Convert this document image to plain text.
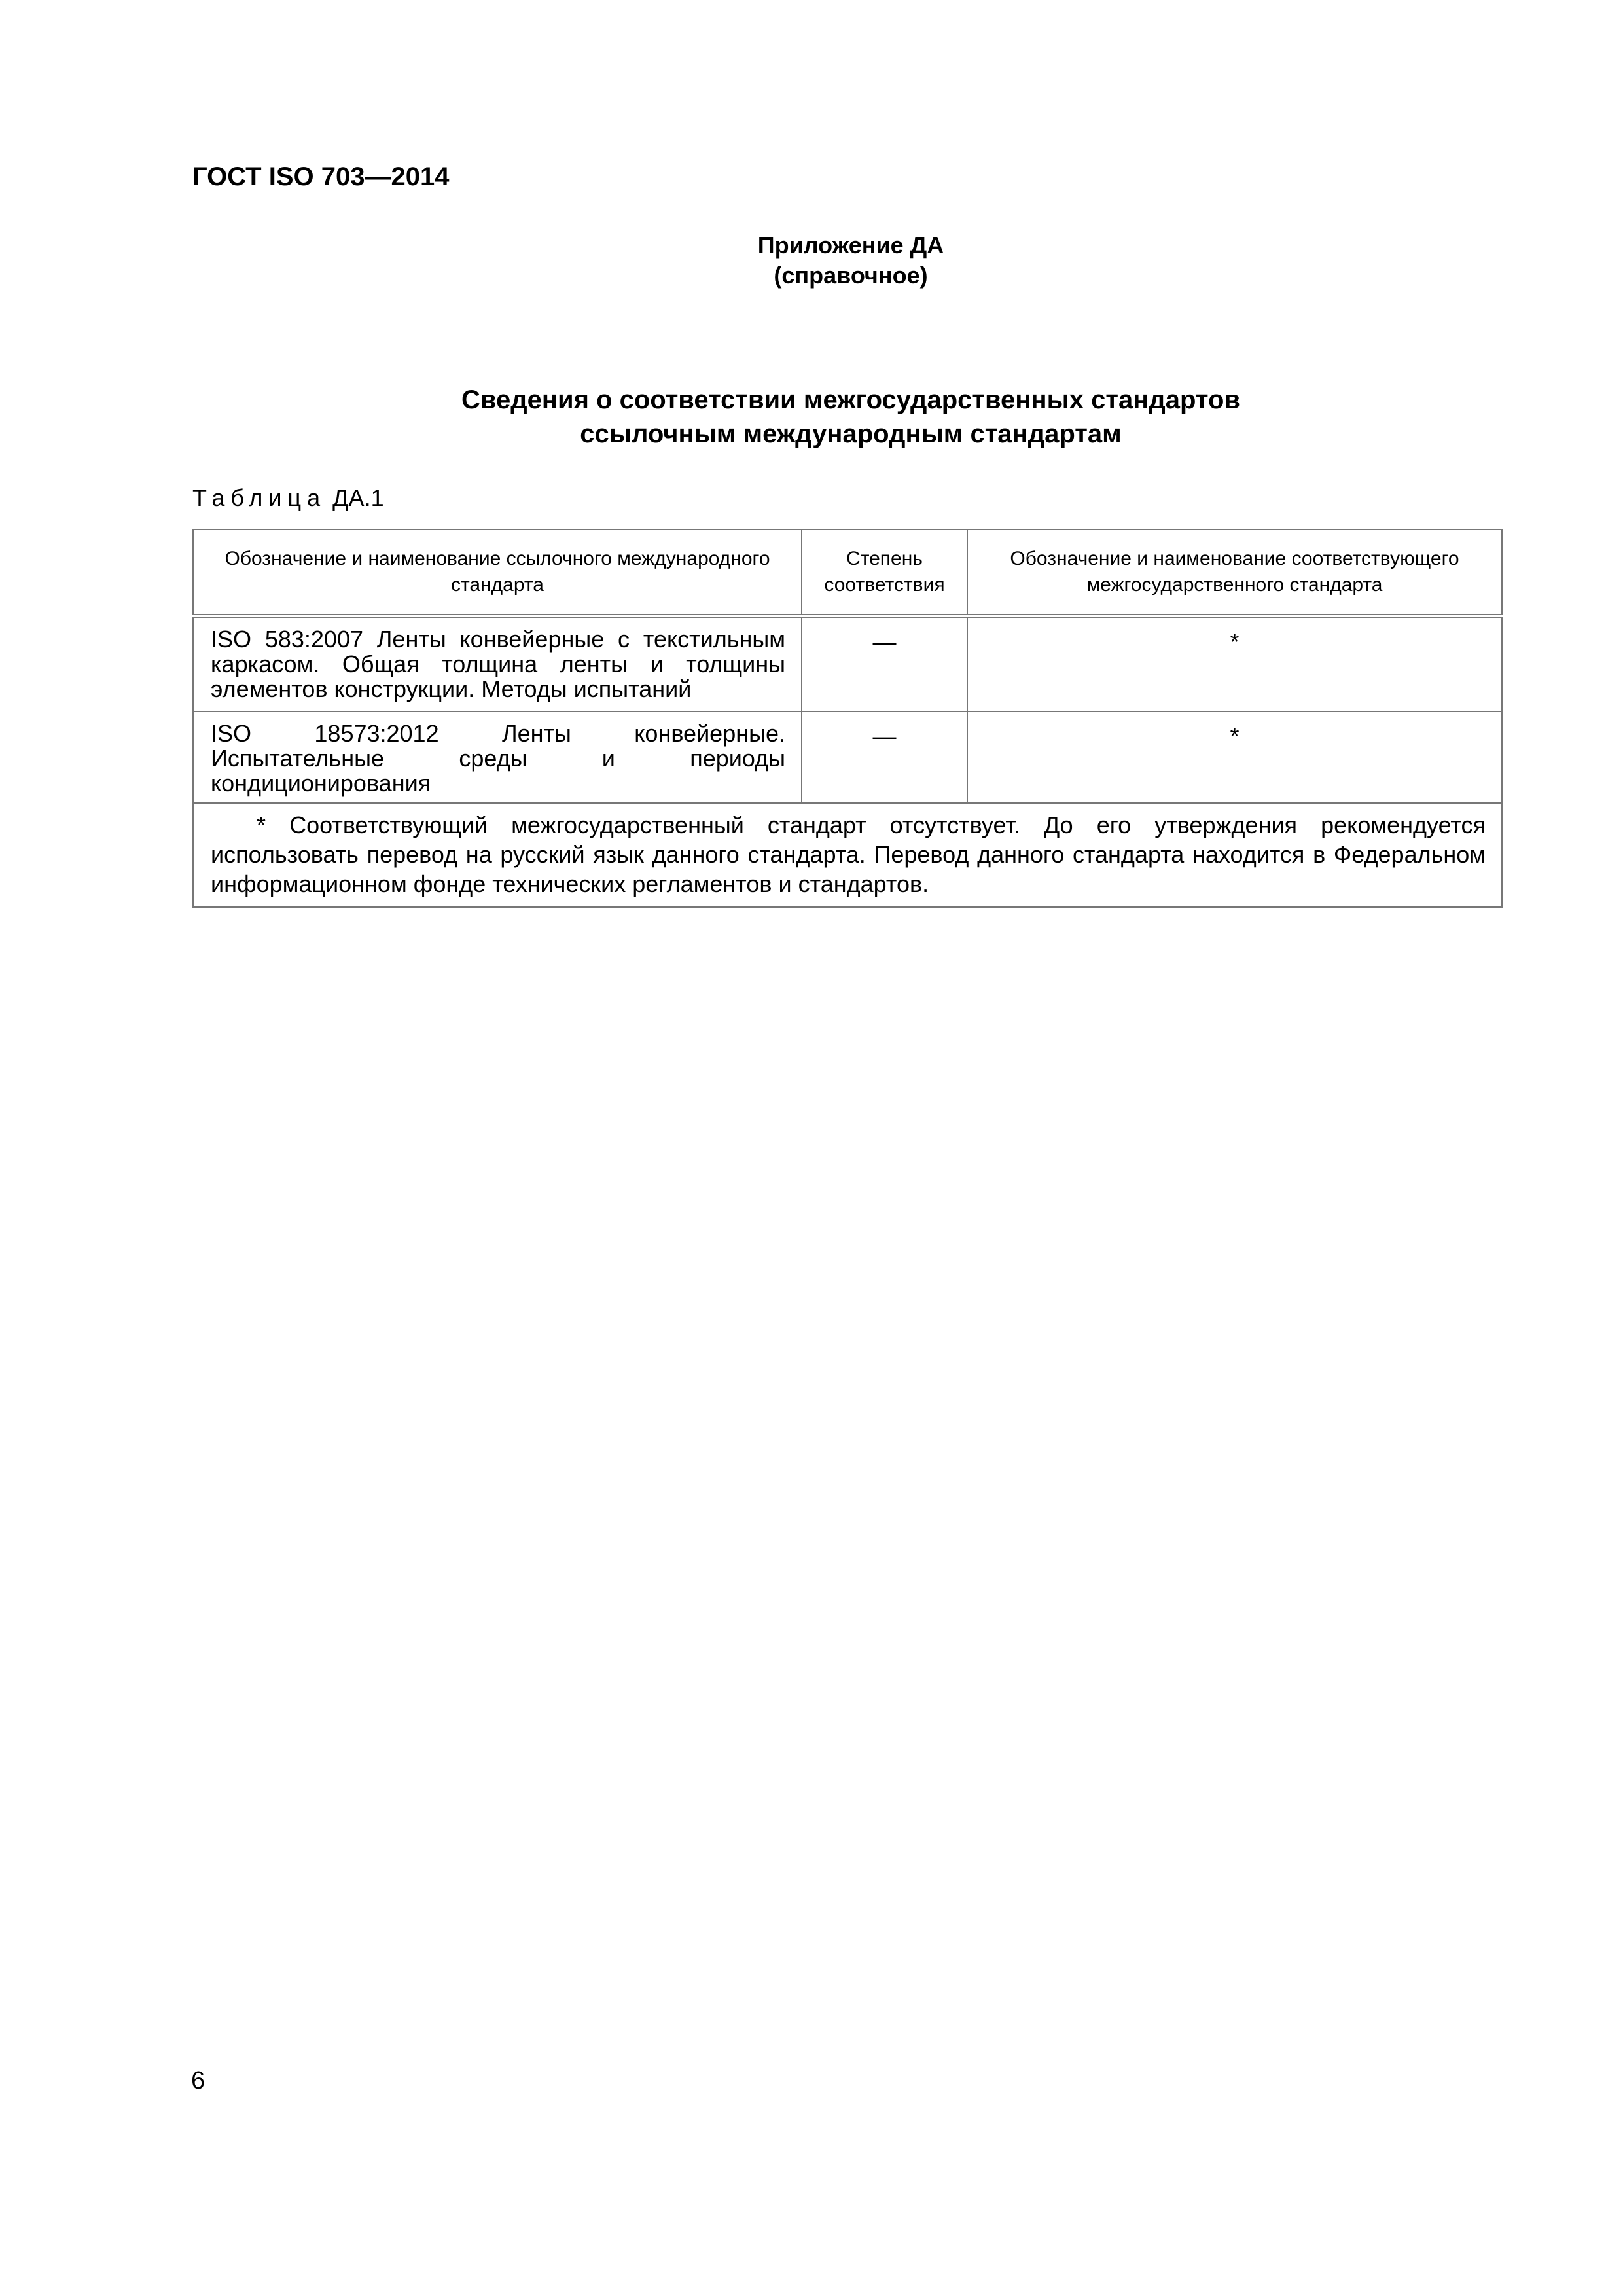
ГОСТ ISO 703—2014
Приложение ДА
(справочное)
Сведения о соответствии межгосударственных стандартов
ссылочным международным стандартам
Таблица ДА.1
Обозначение и наименование ссылочного международного стандарта	Степень соответствия	Обозначение и наименование соответствующего межгосударственного стандарта
ISO 583:2007 Ленты конвейерные с текстильным каркасом. Общая толщина ленты и толщины элементов конструкции. Методы испытаний	—	*
ISO 18573:2012 Ленты конвейерные. Испытательные среды и периоды кондиционирования	—	*

* Соответствующий межгосударственный стандарт отсутствует. До его утверждения рекомендуется использовать перевод на русский язык данного стандарта. Перевод данного стандарта находится в Федеральном информационном фонде технических регламентов и стандартов.		

6
